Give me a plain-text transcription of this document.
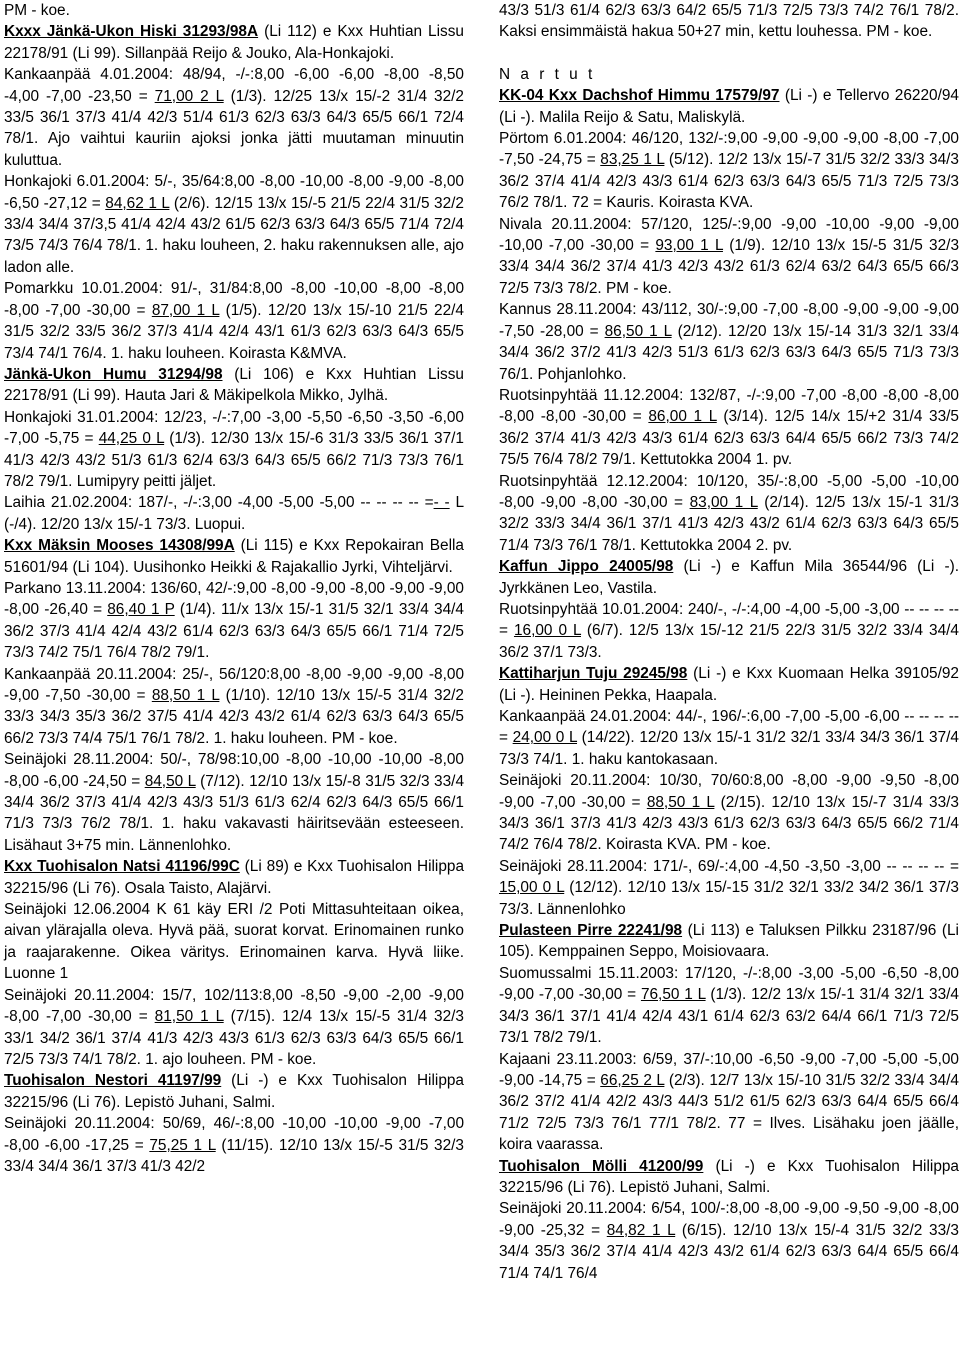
PM - koe.

Kxxx Jänkä-Ukon Hiski 31293/98A (Li 112) e Kxx Huhtian Lissu 22178/91 (Li 99). Sillanpää Reijo & Jouko, Ala-Honkajoki.

Kankaanpää 4.01.2004: 48/94, -/-:8,00 -6,00 -6,00 -8,00 -8,50 -4,00 -7,00 -23,50 = 71,00 2 L (1/3). 12/25 13/x 15/-2 31/4 32/2 33/5 36/1 37/3 41/4 42/3 51/4 61/3 62/3 63/3 64/3 65/5 66/1 72/4 78/1. Ajo vaihtui kauriin ajoksi jonka jätti muutaman minuutin kuluttua.

Honkajoki 6.01.2004: 5/-, 35/64:8,00 -8,00 -10,00 -8,00 -9,00 -8,00 -6,50 -27,12 = 84,62 1 L (2/6). 12/15 13/x 15/-5 21/5 22/4 31/5 32/2 33/4 34/4 37/3,5 41/4 42/4 43/2 61/5 62/3 63/3 64/3 65/5 71/4 72/4 73/5 74/3 76/4 78/1. 1. haku louheen, 2. haku rakennuksen alle, ajo ladon alle.

Pomarkku 10.01.2004: 91/-, 31/84:8,00 -8,00 -10,00 -8,00 -8,00 -8,00 -7,00 -30,00 = 87,00 1 L (1/5). 12/20 13/x 15/-10 21/5 22/4 31/5 32/2 33/5 36/2 37/3 41/4 42/4 43/1 61/3 62/3 63/3 64/3 65/5 73/4 74/1 76/4. 1. haku louheen. Koirasta K&MVA.

Jänkä-Ukon Humu 31294/98 (Li 106) e Kxx Huhtian Lissu 22178/91 (Li 99). Hauta Jari & Mäkipelkola Mikko, Jylhä.

Honkajoki 31.01.2004: 12/23, -/-:7,00 -3,00 -5,50 -6,50 -3,50 -6,00 -7,00 -5,75 = 44,25 0 L (1/3). 12/30 13/x 15/-6 31/3 33/5 36/1 37/1 41/3 42/3 43/2 51/3 61/3 62/4 63/3 64/3 65/5 66/2 71/3 73/3 76/1 78/2 79/1. Lumipyry peitti jäljet.

Laihia 21.02.2004: 187/-, -/-:3,00 -4,00 -5,00 -5,00 -- -- -- -- =- - L (-/4). 12/20 13/x 15/-1 73/3. Luopui.

Kxx Mäksin Mooses 14308/99A (Li 115) e Kxx Repokairan Bella 51601/94 (Li 104). Uusihonko Heikki & Rajakallio Jyrki, Vihteljärvi.

Parkano 13.11.2004: 136/60, 42/-:9,00 -8,00 -9,00 -8,00 -9,00 -9,00 -8,00 -26,40 = 86,40 1 P (1/4). 11/x 13/x 15/-1 31/5 32/1 33/4 34/4 36/2 37/3 41/4 42/4 43/2 61/4 62/3 63/3 64/3 65/5 66/1 71/4 72/5 73/3 74/2 75/1 76/4 78/2 79/1.

Kankaanpää 20.11.2004: 25/-, 56/120:8,00 -8,00 -9,00 -9,00 -8,00 -9,00 -7,50 -30,00 = 88,50 1 L (1/10). 12/10 13/x 15/-5 31/4 32/2 33/3 34/3 35/3 36/2 37/5 41/4 42/3 43/2 61/4 62/3 63/3 64/3 65/5 66/2 73/3 74/4 75/1 76/1 78/2. 1. haku louheen. PM - koe.

Seinäjoki 28.11.2004: 50/-, 78/98:10,00 -8,00 -10,00 -10,00 -8,00 -8,00 -6,00 -24,50 = 84,50 L (7/12). 12/10 13/x 15/-8 31/5 32/3 33/4 34/4 36/2 37/3 41/4 42/3 43/3 51/3 61/3 62/4 62/3 64/3 65/5 66/1 71/3 73/3 76/2 78/1. 1. haku vakavasti häiritsevään esteeseen. Lisähaut 3+75 min. Lännenlohko.

Kxx Tuohisalon Natsi 41196/99C (Li 89) e Kxx Tuohisalon Hilippa 32215/96 (Li 76). Osala Taisto, Alajärvi.

Seinäjoki 12.06.2004 K 61 käy ERI /2 Poti Mittasuhteitaan oikea, aivan ylärajalla oleva. Hyvä pää, suorat korvat. Erinomainen runko ja raajarakenne. Oikea väritys. Erinomainen karva. Hyvä liike. Luonne 1

Seinäjoki 20.11.2004: 15/7, 102/113:8,00 -8,50 -9,00 -2,00 -9,00 -8,00 -7,00 -30,00 = 81,50 1 L (7/15). 12/4 13/x 15/-5 31/4 32/3 33/1 34/2 36/1 37/4 41/3 42/3 43/3 61/3 62/3 63/3 64/3 65/5 66/1 72/5 73/3 74/1 78/2. 1. ajo louheen. PM - koe.

Tuohisalon Nestori 41197/99 (Li -) e Kxx Tuohisalon Hilippa 32215/96 (Li 76). Lepistö Juhani, Salmi.

Seinäjoki 20.11.2004: 50/69, 46/-:8,00 -10,00 -10,00 -9,00 -7,00 -8,00 -6,00 -17,25 = 75,25 1 L (11/15). 12/10 13/x 15/-5 31/5 32/3 33/4 34/4 36/1 37/3 41/3 42/2

43/3 51/3 61/4 62/3 63/3 64/2 65/5 71/3 72/5 73/3 74/2 76/1 78/2. Kaksi ensimmäistä hakua 50+27 min, kettu louhessa. PM - koe.

N a r t u t

KK-04 Kxx Dachshof Himmu 17579/97 (Li -) e Tellervo 26220/94 (Li -). Malila Reijo & Satu, Maliskylä.

Pörtom 6.01.2004: 46/120, 132/-:9,00 -9,00 -9,00 -9,00 -8,00 -7,00 -7,50 -24,75 = 83,25 1 L (5/12). 12/2 13/x 15/-7 31/5 32/2 33/3 34/3 36/2 37/4 41/4 42/3 43/3 61/4 62/3 63/3 64/3 65/5 71/3 72/5 73/3 76/2 78/1. 72 = Kauris. Koirasta KVA.

Nivala 20.11.2004: 57/120, 125/-:9,00 -9,00 -10,00 -9,00 -9,00 -10,00 -7,00 -30,00 = 93,00 1 L (1/9). 12/10 13/x 15/-5 31/5 32/3 33/4 34/4 36/2 37/4 41/3 42/3 43/2 61/3 62/4 63/2 64/3 65/5 66/3 72/5 73/3 78/2. PM - koe.

Kannus 28.11.2004: 43/112, 30/-:9,00 -7,00 -8,00 -9,00 -9,00 -9,00 -7,50 -28,00 = 86,50 1 L (2/12). 12/20 13/x 15/-14 31/3 32/1 33/4 34/4 36/2 37/2 41/3 42/3 51/3 61/3 62/3 63/3 64/3 65/5 71/3 73/3 76/1. Pohjanlohko.

Ruotsinpyhtää 11.12.2004: 132/87, -/-:9,00 -7,00 -8,00 -8,00 -8,00 -8,00 -8,00 -30,00 = 86,00 1 L (3/14). 12/5 14/x 15/+2 31/4 33/5 36/2 37/4 41/3 42/3 43/3 61/4 62/3 63/3 64/4 65/5 66/2 73/3 74/2 75/5 76/4 78/2 79/1. Kettutokka 2004 1. pv.

Ruotsinpyhtää 12.12.2004: 10/120, 35/-:8,00 -5,00 -5,00 -10,00 -8,00 -9,00 -8,00 -30,00 = 83,00 1 L (2/14). 12/5 13/x 15/-1 31/3 32/2 33/3 34/4 36/1 37/1 41/3 42/3 43/2 61/4 62/3 63/3 64/3 65/5 71/4 73/3 76/1 78/1. Kettutokka 2004 2. pv.

Kaffun Jippo 24005/98 (Li -) e Kaffun Mila 36544/96 (Li -). Jyrkkänen Leo, Vastila.

Ruotsinpyhtää 10.01.2004: 240/-, -/-:4,00 -4,00 -5,00 -3,00 -- -- -- -- = 16,00 0 L (6/7). 12/5 13/x 15/-12 21/5 22/3 31/5 32/2 33/4 34/4 36/2 37/1 73/3.

Kattiharjun Tuju 29245/98 (Li -) e Kxx Kuomaan Helka 39105/92 (Li -). Heininen Pekka, Haapala.

Kankaanpää 24.01.2004: 44/-, 196/-:6,00 -7,00 -5,00 -6,00 -- -- -- -- = 24,00 0 L (14/22). 12/20 13/x 15/-1 31/2 32/1 33/4 34/3 36/1 37/4 73/3 74/1. 1. haku kantokasaan.

Seinäjoki 20.11.2004: 10/30, 70/60:8,00 -8,00 -9,00 -9,50 -8,00 -9,00 -7,00 -30,00 = 88,50 1 L (2/15). 12/10 13/x 15/-7 31/4 33/3 34/3 36/1 37/3 41/3 42/3 43/3 61/3 62/3 63/3 64/3 65/5 66/2 71/4 74/2 76/4 78/2. Koirasta KVA. PM - koe.

Seinäjoki 28.11.2004: 171/-, 69/-:4,00 -4,50 -3,50 -3,00 -- -- -- -- = 15,00 0 L (12/12). 12/10 13/x 15/-15 31/2 32/1 33/2 34/2 36/1 37/3 73/3. Lännenlohko

Pulasteen Pirre 22241/98 (Li 113) e Taluksen Pilkku 23187/96 (Li 105). Kemppainen Seppo, Moisiovaara.

Suomussalmi 15.11.2003: 17/120, -/-:8,00 -3,00 -5,00 -6,50 -8,00 -9,00 -7,00 -30,00 = 76,50 1 L (1/3). 12/2 13/x 15/-1 31/4 32/1 33/4 34/3 36/1 37/1 41/4 42/4 43/1 61/4 62/3 63/2 64/4 66/1 71/3 72/5 73/1 78/2 79/1.

Kajaani 23.11.2003: 6/59, 37/-:10,00 -6,50 -9,00 -7,00 -5,00 -5,00 -9,00 -14,75 = 66,25 2 L (2/3). 12/7 13/x 15/-10 31/5 32/2 33/4 34/4 36/2 37/2 41/4 42/2 43/3 44/3 51/2 61/5 62/3 63/3 64/4 65/5 66/4 71/2 72/5 73/3 76/1 77/1 78/2. 77 = Ilves. Lisähaku joen jäälle, koira vaarassa.

Tuohisalon Mölli 41200/99 (Li -) e Kxx Tuohisalon Hilippa 32215/96 (Li 76). Lepistö Juhani, Salmi.

Seinäjoki 20.11.2004: 6/54, 100/-:8,00 -8,00 -9,00 -9,50 -9,00 -8,00 -9,00 -25,32 = 84,82 1 L (6/15). 12/10 13/x 15/-4 31/5 32/2 33/3 34/4 35/3 36/2 37/4 41/4 42/3 43/2 61/4 62/3 63/3 64/4 65/5 66/4 71/4 74/1 76/4
